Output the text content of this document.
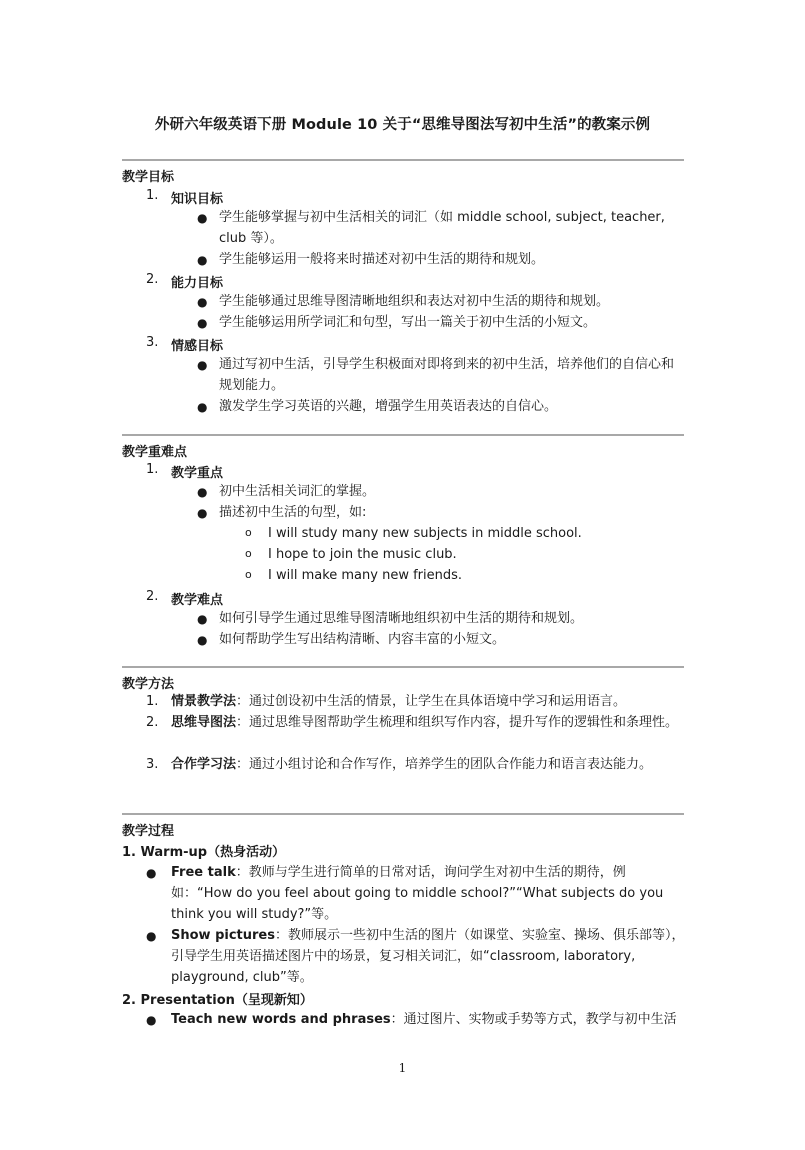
外研六年级英语下册 Module 10 关于“思维导图法写初中生活”的教案示例
教学目标
1. 知识目标
● 学生能够掌握与初中生活相关的词汇（如 middle school, subject, teacher, club 等）。
● 学生能够运用一般将来时描述对初中生活的期待和规划。
2. 能力目标
● 学生能够通过思维导图清晰地组织和表达对初中生活的期待和规划。
● 学生能够运用所学词汇和句型，写出一篇关于初中生活的小短文。
3. 情感目标
● 通过写初中生活，引导学生积极面对即将到来的初中生活，培养他们的自信心和规划能力。
● 激发学生学习英语的兴趣，增强学生用英语表达的自信心。
教学重难点
1. 教学重点
● 初中生活相关词汇的掌握。
● 描述初中生活的句型，如:
o I will study many new subjects in middle school.
o I hope to join the music club.
o I will make many new friends.
2. 教学难点
● 如何引导学生通过思维导图清晰地组织初中生活的期待和规划。
● 如何帮助学生写出结构清晰、内容丰富的小短文。
教学方法
1. 情景教学法：通过创设初中生活的情景，让学生在具体语境中学习和运用语言。
2. 思维导图法：通过思维导图帮助学生梳理和组织写作内容，提升写作的逻辑性和条理性。
3. 合作学习法：通过小组讨论和合作写作，培养学生的团队合作能力和语言表达能力。
教学过程
1. Warm-up（热身活动）
● Free talk：教师与学生进行简单的日常对话，询问学生对初中生活的期待，例如：“How do you feel about going to middle school?”“What subjects do you think you will study?”等。
● Show pictures：教师展示一些初中生活的图片（如课堂、实验室、操场、俱乐部等），引导学生用英语描述图片中的场景，复习相关词汇，如“classroom, laboratory, playground, club”等。
2. Presentation（呈现新知）
● Teach new words and phrases：通过图片、实物或手势等方式，教学与初中生活
1
